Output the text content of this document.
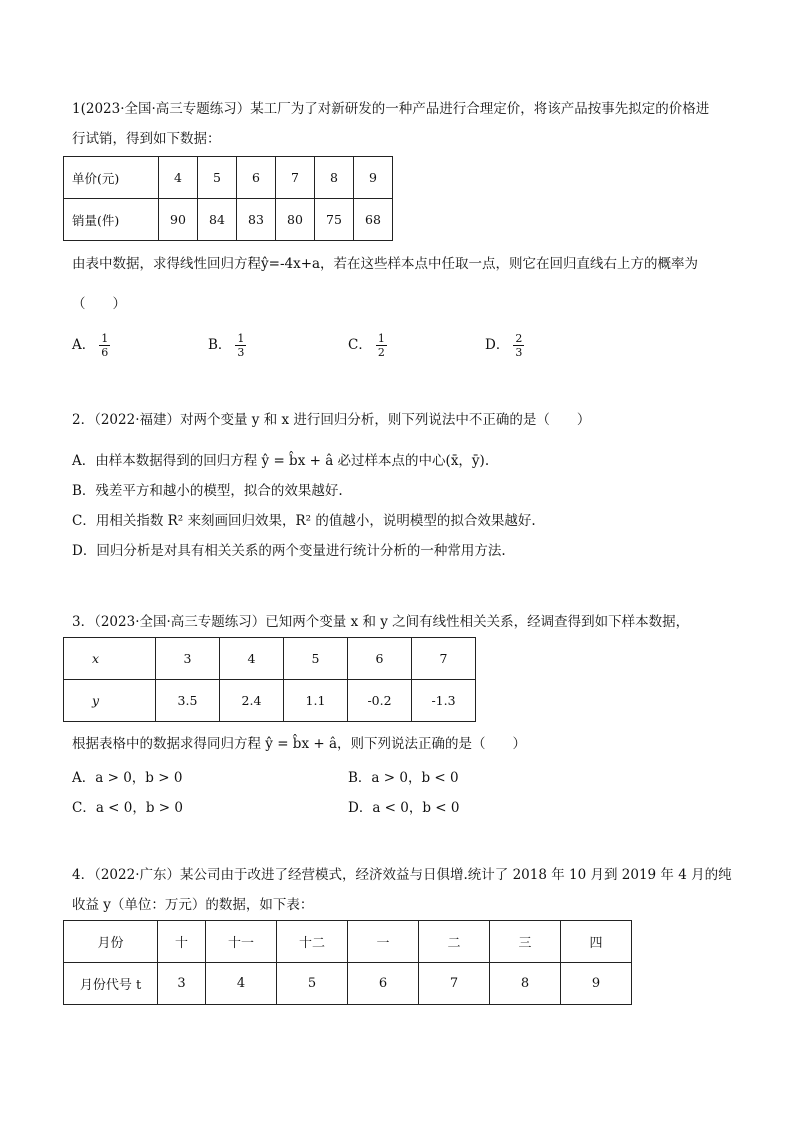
1(2023·全国·高三专题练习）某工厂为了对新研发的一种产品进行合理定价，将该产品按事先拟定的价格进
行试销，得到如下数据：
单价(元)	4	5	6	7	8	9
销量(件)	90	84	83	80	75	68
由表中数据，求得线性回归方程ŷ=-4x+a，若在这些样本点中任取一点，则它在回归直线右上方的概率为
（　　）
A． $\frac{1}{6}$	B． $\frac{1}{3}$	C． $\frac{1}{2}$	D． $\frac{2}{3}$
2．（2022·福建）对两个变量 y 和 x 进行回归分析，则下列说法中不正确的是（　　）
A．由样本数据得到的回归方程 ŷ = b̂x + â 必过样本点的中心(x̄，ȳ).
B．残差平方和越小的模型，拟合的效果越好.
C．用相关指数 R² 来刻画回归效果，R² 的值越小，说明模型的拟合效果越好.
D．回归分析是对具有相关关系的两个变量进行统计分析的一种常用方法.
3．（2023·全国·高三专题练习）已知两个变量 x 和 y 之间有线性相关关系，经调查得到如下样本数据，
x	3	4	5	6	7
y	3.5	2.4	1.1	-0.2	-1.3
根据表格中的数据求得同归方程 ŷ = b̂x + â，则下列说法正确的是（　　）
A．a > 0，b > 0	B．a > 0，b < 0
C．a < 0，b > 0	D．a < 0，b < 0
4．（2022·广东）某公司由于改进了经营模式，经济效益与日俱增.统计了 2018 年 10 月到 2019 年 4 月的纯
收益 y（单位：万元）的数据，如下表：
月份	十	十一	十二	一	二	三	四
月份代号 t	3	4	5	6	7	8	9
